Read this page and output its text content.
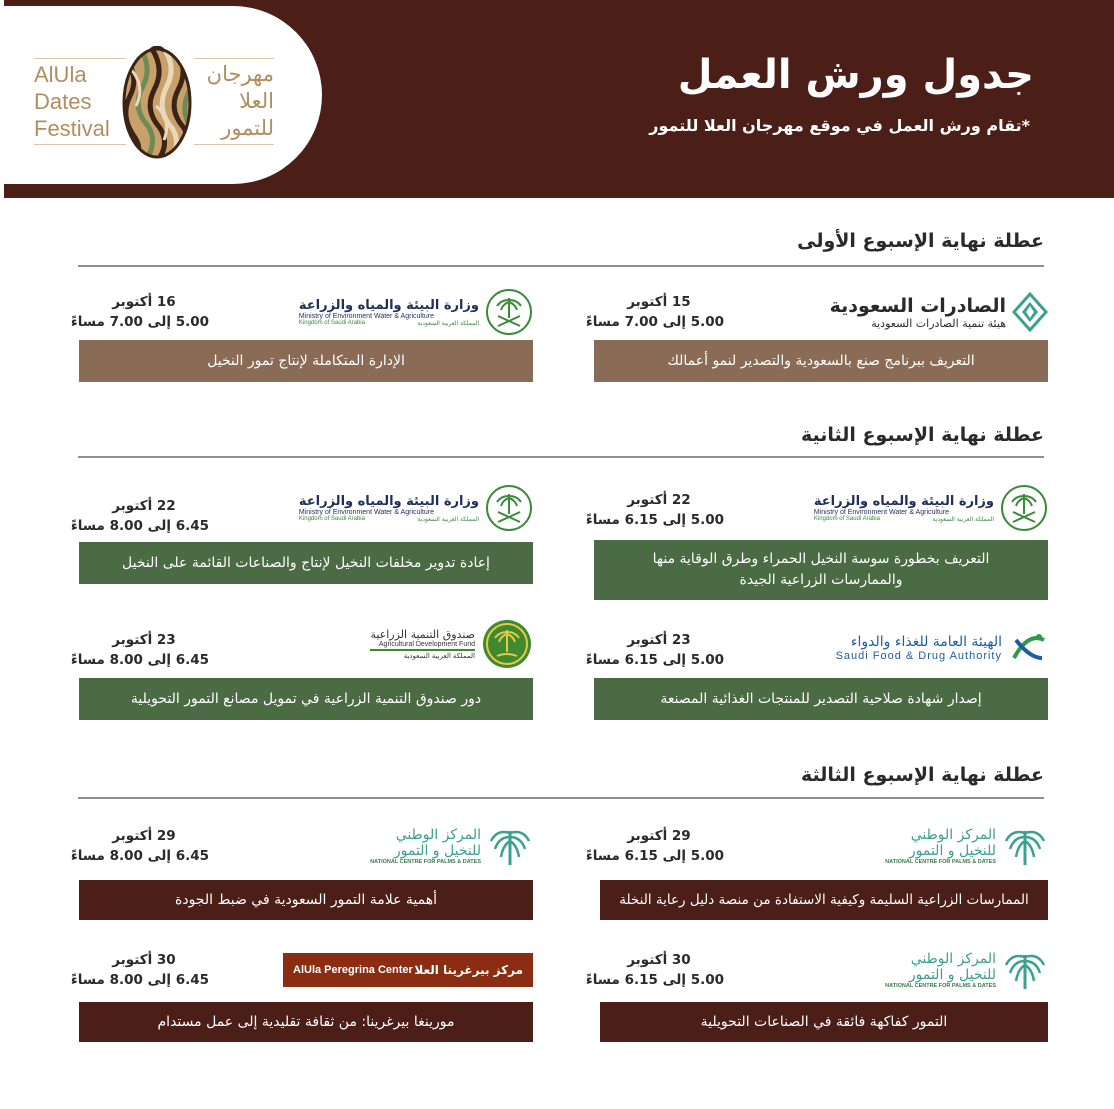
AlUla
Dates
Festival
مهرجان
العلا
للتمور
جدول ورش العمل
*تقام ورش العمل في موقع مهرجان العلا للتمور
عطلة نهاية الإسبوع الأولى
15 أكتوبر
5.00 إلى 7.00 مساءً
الصادرات السعودية
هيئة تنمية الصادرات السعودية
التعريف ببرنامج صنع بالسعودية والتصدير لنمو أعمالك
16 أكتوبر
5.00 إلى 7.00 مساءً
وزارة البيئة والمياه والزراعة
Ministry of Environment Water & Agriculture
Kingdom of Saudi Arabia	المملكة العربية السعودية
الإدارة المتكاملة لإنتاج تمور النخيل
عطلة نهاية الإسبوع الثانية
22 أكتوبر
5.00 إلى 6.15 مساءً
وزارة البيئة والمياه والزراعة
Ministry of Environment Water & Agriculture
Kingdom of Saudi Arabia	المملكة العربية السعودية
التعريف بخطورة سوسة النخيل الحمراء وطرق الوقاية منها
والممارسات الزراعية الجيدة
22 أكتوبر
6.45 إلى 8.00 مساءً
وزارة البيئة والمياه والزراعة
Ministry of Environment Water & Agriculture
Kingdom of Saudi Arabia	المملكة العربية السعودية
إعادة تدوير مخلفات النخيل لإنتاج والصناعات القائمة على النخيل
23 أكتوبر
5.00 إلى 6.15 مساءً
الهيئة العامة للغذاء والدواء
Saudi Food & Drug Authority
إصدار شهادة صلاحية التصدير للمنتجات الغذائية المصنعة
23 أكتوبر
6.45 إلى 8.00 مساءً
صندوق التنمية الزراعية
Agricultural Development Fund
المملكة العربية السعودية
دور صندوق التنمية الزراعية في تمويل مصانع التمور التحويلية
عطلة نهاية الإسبوع الثالثة
29 أكتوبر
5.00 إلى 6.15 مساءً
المركز الوطني
للنخيل و التمور
NATIONAL CENTRE FOR PALMS & DATES
الممارسات الزراعية السليمة وكيفية الاستفادة من منصة دليل رعاية النخلة
29 أكتوبر
6.45 إلى 8.00 مساءً
المركز الوطني
للنخيل و التمور
NATIONAL CENTRE FOR PALMS & DATES
أهمية علامة التمور السعودية في ضبط الجودة
30 أكتوبر
5.00 إلى 6.15 مساءً
المركز الوطني
للنخيل و التمور
NATIONAL CENTRE FOR PALMS & DATES
التمور كفاكهة فائقة في الصناعات التحويلية
30 أكتوبر
6.45 إلى 8.00 مساءً
AlUla Peregrina Center مركز بيرغرينا العلا
مورينغا بيرغرينا: من ثقافة تقليدية إلى عمل مستدام
